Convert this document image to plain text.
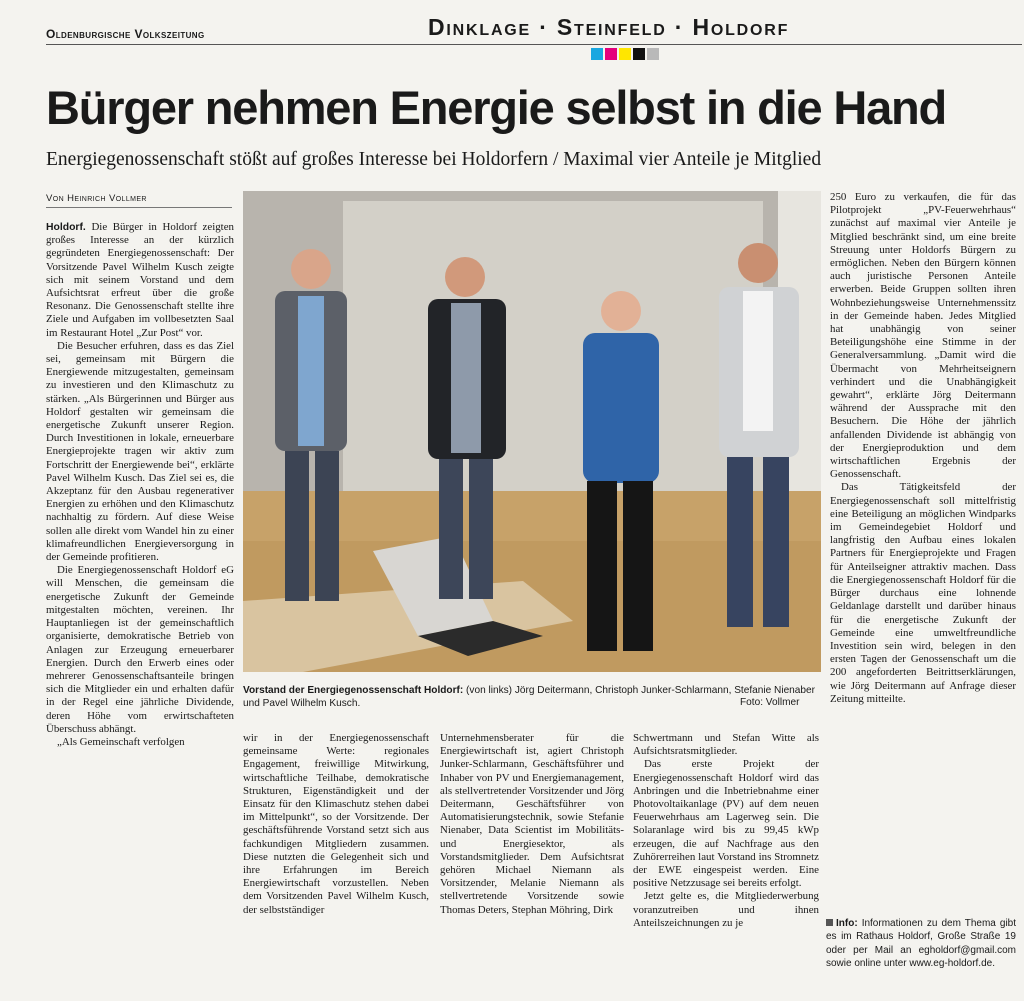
Oldenburgische Volkszeitung	Dinklage · Steinfeld · Holdorf
Bürger nehmen Energie selbst in die Hand
Energiegenossenschaft stößt auf großes Interesse bei Holdorfern / Maximal vier Anteile je Mitglied
Von Heinrich Vollmer

Holdorf. Die Bürger in Holdorf zeigten großes Interesse an der kürzlich gegründeten Energiegenossenschaft: Der Vorsitzende Pavel Wilhelm Kusch zeigte sich mit seinem Vorstand und dem Aufsichtsrat erfreut über die große Resonanz. Die Genossenschaft stellte ihre Ziele und Aufgaben im vollbesetzten Saal im Restaurant Hotel „Zur Post“ vor.

Die Besucher erfuhren, dass es das Ziel sei, gemeinsam mit Bürgern die Energiewende mitzugestalten, gemeinsam zu investieren und den Klimaschutz zu stärken. „Als Bürgerinnen und Bürger aus Holdorf gestalten wir gemeinsam die energetische Zukunft unserer Region. Durch Investitionen in lokale, erneuerbare Energieprojekte tragen wir aktiv zum Fortschritt der Energiewende bei“, erklärte Pavel Wilhelm Kusch. Das Ziel sei es, die Akzeptanz für den Ausbau regenerativer Energien zu erhöhen und den Klimaschutz nachhaltig zu fördern. Auf diese Weise sollen alle direkt vom Wandel hin zu einer klimafreundlichen Energieversorgung in der Gemeinde profitieren.

Die Energiegenossenschaft Holdorf eG will Menschen, die gemeinsam die energetische Zukunft der Gemeinde mitgestalten möchten, vereinen. Ihr Hauptanliegen ist der gemeinschaftlich organisierte, demokratische Betrieb von Anlagen zur Erzeugung erneuerbarer Energien. Durch den Erwerb eines oder mehrerer Genossenschaftsanteile bringen sich die Mitglieder ein und erhalten dafür in der Regel eine jährliche Dividende, deren Höhe vom erwirtschafteten Überschuss abhängt.

„Als Gemeinschaft verfolgen

Vorstand der Energiegenossenschaft Holdorf: (von links) Jörg Deitermann, Christoph Junker-Schlarmann, Stefanie Nienaber und Pavel Wilhelm Kusch.	Foto: Vollmer

wir in der Energiegenossenschaft gemeinsame Werte: regionales Engagement, freiwillige Mitwirkung, wirtschaftliche Teilhabe, demokratische Strukturen, Eigenständigkeit und der Einsatz für den Klimaschutz stehen dabei im Mittelpunkt“, so der Vorsitzende. Der geschäftsführende Vorstand setzt sich aus fachkundigen Mitgliedern zusammen. Diese nutzten die Gelegenheit sich und ihre Erfahrungen im Bereich Energiewirtschaft vorzustellen. Neben dem Vorsitzenden Pavel Wilhelm Kusch, der selbstständiger

Unternehmensberater für die Energiewirtschaft ist, agiert Christoph Junker-Schlarmann, Geschäftsführer und Inhaber von PV und Energiemanagement, als stellvertretender Vorsitzender und Jörg Deitermann, Geschäftsführer von Automatisierungstechnik, sowie Stefanie Nienaber, Data Scientist im Mobilitäts- und Energiesektor, als Vorstandsmitglieder. Dem Aufsichtsrat gehören Michael Niemann als Vorsitzender, Melanie Niemann als stellvertretende Vorsitzende sowie Thomas Deters, Stephan Möhring, Dirk

Schwertmann und Stefan Witte als Aufsichtsratsmitglieder.

Das erste Projekt der Energiegenossenschaft Holdorf wird das Anbringen und die Inbetriebnahme einer Photovoltaikanlage (PV) auf dem neuen Feuerwehrhaus am Lagerweg sein. Die Solaranlage wird bis zu 99,45 kWp erzeugen, die auf Nachfrage aus den Zuhörerreihen laut Vorstand ins Stromnetz der EWE eingespeist werden. Eine positive Netzzusage sei bereits erfolgt.

Jetzt gelte es, die Mitgliederwerbung voranzutreiben und ihnen Anteilszeichnungen zu je

250 Euro zu verkaufen, die für das Pilotprojekt „PV-Feuerwehrhaus“ zunächst auf maximal vier Anteile je Mitglied beschränkt sind, um eine breite Streuung unter Holdorfs Bürgern zu ermöglichen. Neben den Bürgern können auch juristische Personen Anteile erwerben. Beide Gruppen sollten ihren Wohnbeziehungsweise Unternehmenssitz in der Gemeinde haben. Jedes Mitglied hat unabhängig von seiner Beteiligungshöhe eine Stimme in der Generalversammlung. „Damit wird die Übermacht von Mehrheitseignern verhindert und die Unabhängigkeit gewahrt“, erklärte Jörg Deitermann während der Aussprache mit den Besuchern. Die Höhe der jährlich anfallenden Dividende ist abhängig von der Energieproduktion und dem wirtschaftlichen Ergebnis der Genossenschaft.

Das Tätigkeitsfeld der Energiegenossenschaft soll mittelfristig eine Beteiligung an möglichen Windparks im Gemeindegebiet Holdorf und langfristig den Aufbau eines lokalen Partners für Energieprojekte und Fragen für Anteilseigner attraktiv machen. Dass die Energiegenossenschaft Holdorf für die Bürger durchaus eine lohnende Geldanlage darstellt und darüber hinaus für die energetische Zukunft der Gemeinde eine umweltfreundliche Investition sein wird, belegen in den ersten Tagen der Genossenschaft um die 200 angeforderten Beitrittserklärungen, wie Jörg Deitermann auf Anfrage dieser Zeitung mitteilte.

Info: Informationen zu dem Thema gibt es im Rathaus Holdorf, Große Straße 19 oder per Mail an egholdorf@gmail.com sowie online unter www.eg-holdorf.de.
